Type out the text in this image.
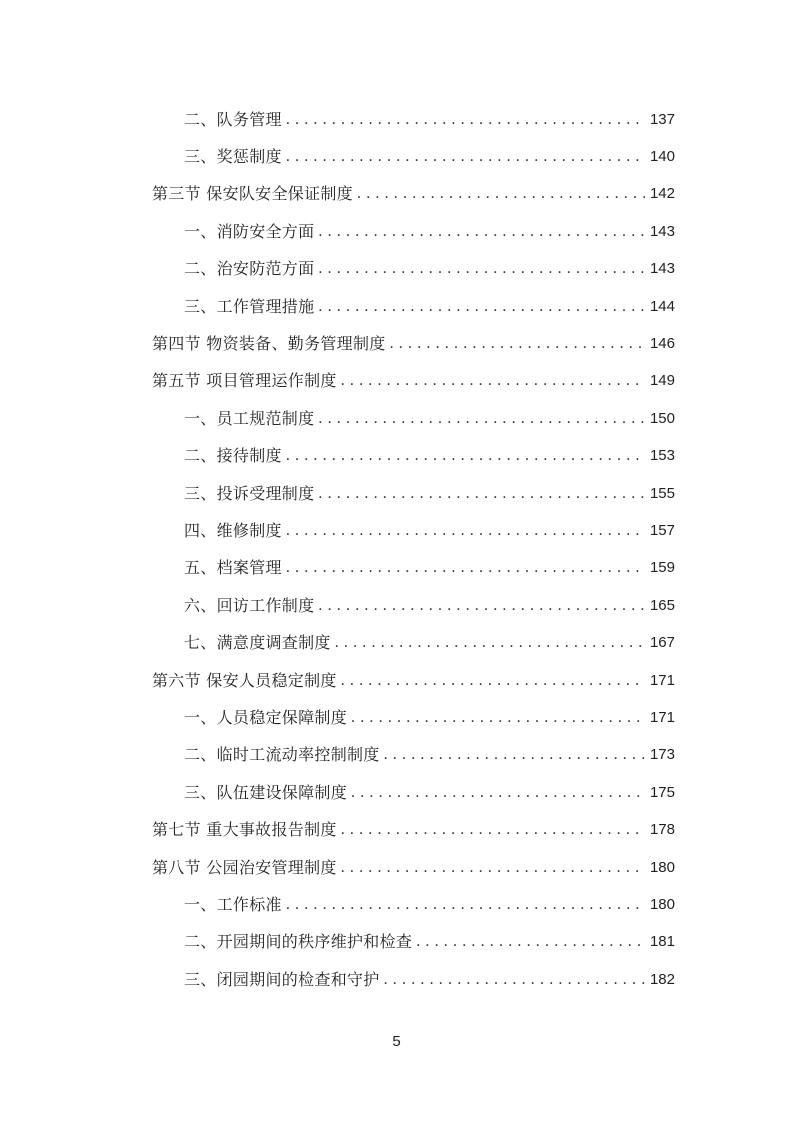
二、队务管理 . . .	137
三、奖惩制度 . . .	140
第三节 保安队安全保证制度 . . .	142
一、消防安全方面 . . .	143
二、治安防范方面 . . .	143
三、工作管理措施 . . .	144
第四节 物资装备、勤务管理制度 . . .	146
第五节 项目管理运作制度 . . .	149
一、员工规范制度 . . .	150
二、接待制度 . . .	153
三、投诉受理制度 . . .	155
四、维修制度 . . .	157
五、档案管理 . . .	159
六、回访工作制度 . . .	165
七、满意度调查制度 . . .	167
第六节 保安人员稳定制度 . . .	171
一、人员稳定保障制度 . . .	171
二、临时工流动率控制制度 . . .	173
三、队伍建设保障制度 . . .	175
第七节 重大事故报告制度 . . .	178
第八节 公园治安管理制度 . . .	180
一、工作标准 . . .	180
二、开园期间的秩序维护和检查 . . .	181
三、闭园期间的检查和守护 . . .	182
5
